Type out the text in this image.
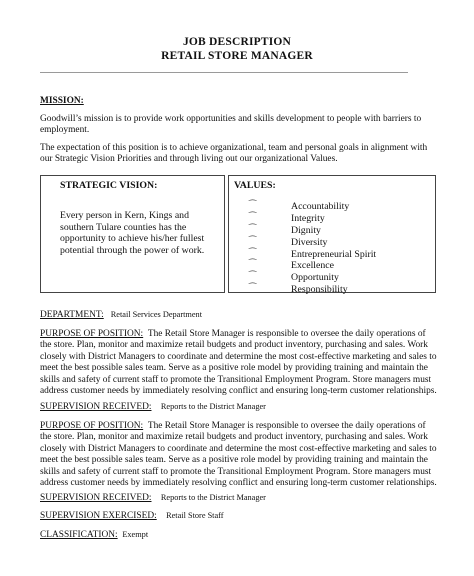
JOB DESCRIPTION
RETAIL STORE MANAGER
MISSION:
Goodwill’s mission is to provide work opportunities and skills development to people with barriers to employment.
The expectation of this position is to achieve organizational, team and personal goals in alignment with our Strategic Vision Priorities and through living out our organizational Values.
STRATEGIC VISION:
Every person in Kern, Kings and southern Tulare counties has the opportunity to achieve his/her fullest potential through the power of work.
VALUES:
⁀	Accountability
⁀	Integrity
⁀	Dignity
⁀	Diversity
⁀	Entrepreneurial Spirit
⁀	Excellence
⁀	Opportunity
⁀	Responsibility
DEPARTMENT: Retail Services Department
PURPOSE OF POSITION: The Retail Store Manager is responsible to oversee the daily operations of the store. Plan, monitor and maximize retail budgets and product inventory, purchasing and sales. Work closely with District Managers to coordinate and determine the most cost-effective marketing and sales to meet the best possible sales team. Serve as a positive role model by providing training and maintain the skills and safety of current staff to promote the Transitional Employment Program. Store managers must address customer needs by immediately resolving conflict and ensuring long-term customer relationships.
SUPERVISION RECEIVED: Reports to the District Manager
PURPOSE OF POSITION: The Retail Store Manager is responsible to oversee the daily operations of the store. Plan, monitor and maximize retail budgets and product inventory, purchasing and sales. Work closely with District Managers to coordinate and determine the most cost-effective marketing and sales to meet the best possible sales team. Serve as a positive role model by providing training and maintain the skills and safety of current staff to promote the Transitional Employment Program. Store managers must address customer needs by immediately resolving conflict and ensuring long-term customer relationships.
SUPERVISION RECEIVED: Reports to the District Manager
SUPERVISION EXERCISED: Retail Store Staff
CLASSIFICATION: Exempt
